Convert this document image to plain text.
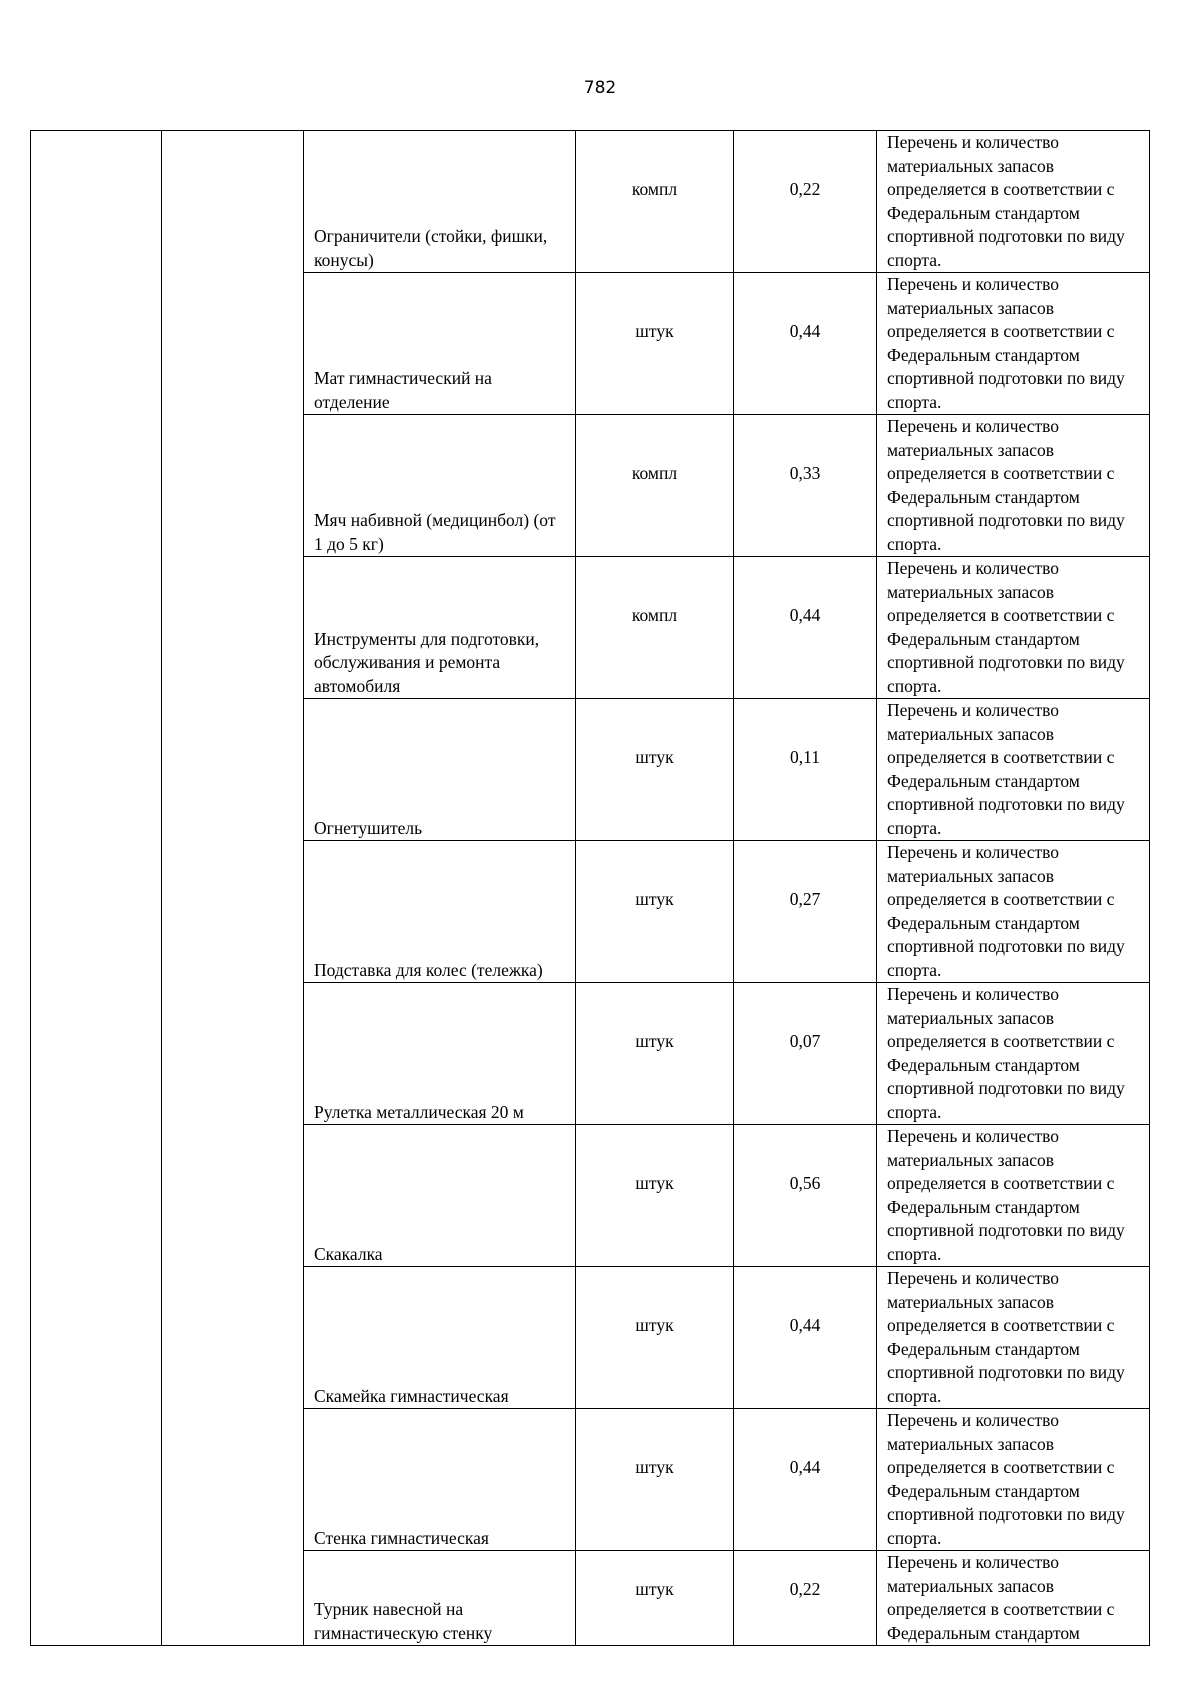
782
		Ограничители (стойки, фишки, конусы)	компл	0,22	Перечень и количество материальных запасов определяется в соответствии с Федеральным стандартом спортивной подготовки по виду спорта.

		Мат гимнастический на отделение	штук	0,44	Перечень и количество материальных запасов определяется в соответствии с Федеральным стандартом спортивной подготовки по виду спорта.

		Мяч набивной (медицинбол) (от 1 до 5 кг)	компл	0,33	Перечень и количество материальных запасов определяется в соответствии с Федеральным стандартом спортивной подготовки по виду спорта.

		Инструменты для подготовки, обслуживания и ремонта автомобиля	компл	0,44	Перечень и количество материальных запасов определяется в соответствии с Федеральным стандартом спортивной подготовки по виду спорта.

		Огнетушитель	штук	0,11	Перечень и количество материальных запасов определяется в соответствии с Федеральным стандартом спортивной подготовки по виду спорта.

		Подставка для колес (тележка)	штук	0,27	Перечень и количество материальных запасов определяется в соответствии с Федеральным стандартом спортивной подготовки по виду спорта.

		Рулетка металлическая 20 м	штук	0,07	Перечень и количество материальных запасов определяется в соответствии с Федеральным стандартом спортивной подготовки по виду спорта.

		Скакалка	штук	0,56	Перечень и количество материальных запасов определяется в соответствии с Федеральным стандартом спортивной подготовки по виду спорта.

		Скамейка гимнастическая	штук	0,44	Перечень и количество материальных запасов определяется в соответствии с Федеральным стандартом спортивной подготовки по виду спорта.

		Стенка гимнастическая	штук	0,44	Перечень и количество материальных запасов определяется в соответствии с Федеральным стандартом спортивной подготовки по виду спорта.

		Турник навесной на гимнастическую стенку	штук	0,22	Перечень и количество материальных запасов определяется в соответствии с Федеральным стандартом
